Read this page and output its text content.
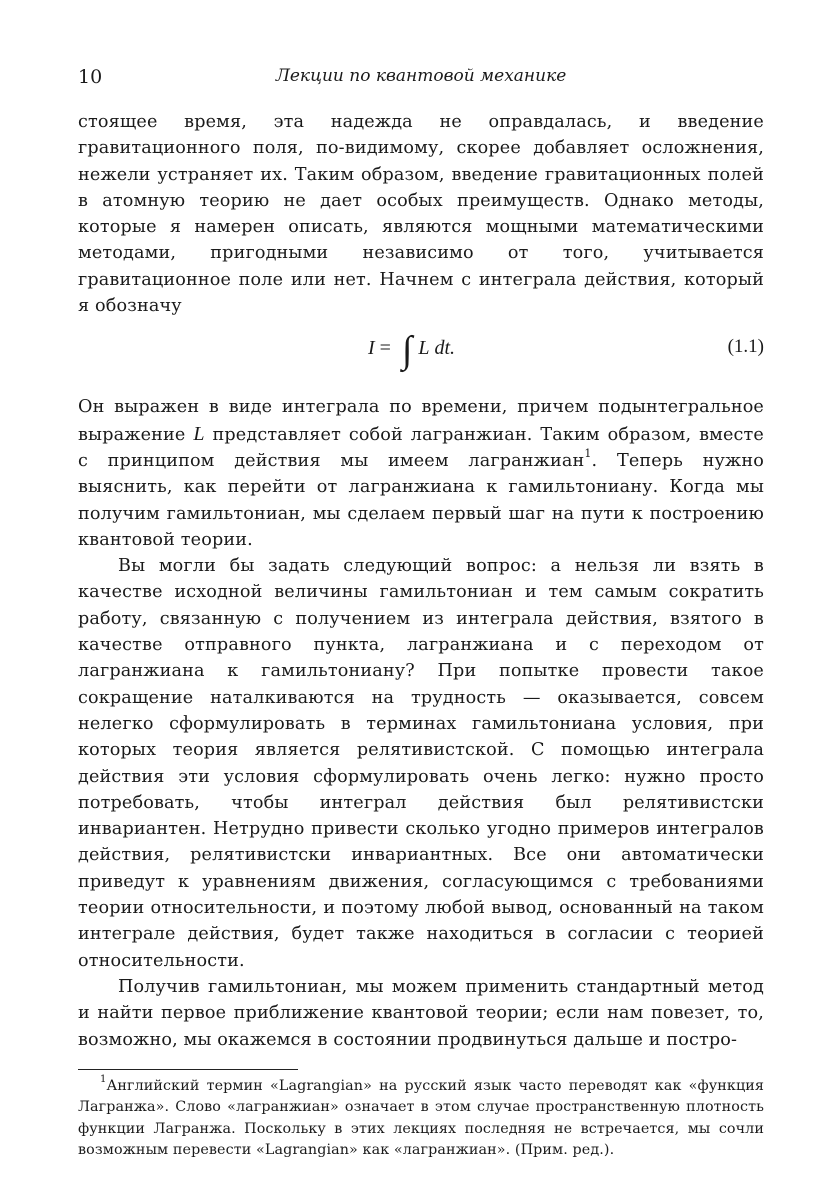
10	Лекции по квантовой механике

стоящее время, эта надежда не оправдалась, и введение гравитационного поля, по-видимому, скорее добавляет осложнения, нежели устраняет их. Таким образом, введение гравитационных полей в атомную теорию не дает особых преимуществ. Однако методы, которые я намерен описать, являются мощными математическими методами, пригодными независимо от того, учитывается гравитационное поле или нет. Начнем с интеграла действия, который я обозначу

I = ∫ L dt.	(1.1)

Он выражен в виде интеграла по времени, причем подынтегральное выражение L представляет собой лагранжиан. Таким образом, вместе с принципом действия мы имеем лагранжиан$^1$. Теперь нужно выяснить, как перейти от лагранжиана к гамильтониану. Когда мы получим гамильтониан, мы сделаем первый шаг на пути к построению квантовой теории.

Вы могли бы задать следующий вопрос: а нельзя ли взять в качестве исходной величины гамильтониан и тем самым сократить работу, связанную с получением из интеграла действия, взятого в качестве отправного пункта, лагранжиана и с переходом от лагранжиана к гамильтониану? При попытке провести такое сокращение наталкиваются на трудность — оказывается, совсем нелегко сформулировать в терминах гамильтониана условия, при которых теория является релятивистской. С помощью интеграла действия эти условия сформулировать очень легко: нужно просто потребовать, чтобы интеграл действия был релятивистски инвариантен. Нетрудно привести сколько угодно примеров интегралов действия, релятивистски инвариантных. Все они автоматически приведут к уравнениям движения, согласующимся с требованиями теории относительности, и поэтому любой вывод, основанный на таком интеграле действия, будет также находиться в согласии с теорией относительности.

Получив гамильтониан, мы можем применить стандартный метод и найти первое приближение квантовой теории; если нам повезет, то, возможно, мы окажемся в состоянии продвинуться дальше и постро-

$^1$Английский термин «Lagrangian» на русский язык часто переводят как «функция Лагранжа». Слово «лагранжиан» означает в этом случае пространственную плотность функции Лагранжа. Поскольку в этих лекциях последняя не встречается, мы сочли возможным перевести «Lagrangian» как «лагранжиан». (Прим. ред.).
